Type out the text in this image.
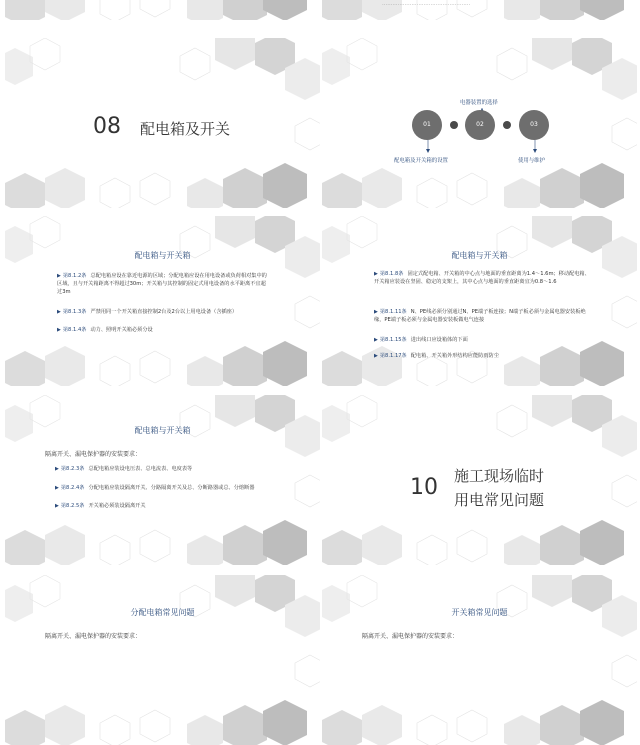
……………………………………………
08 配电箱及开关
电器装置的选择
01	02	03
配电箱及开关箱的设置	使用与维护
配电箱与开关箱
▶ 第8.1.2条 总配电箱应设在靠近电源的区域；分配电箱应设在用电设备或负荷相对集中的区域，且与开关箱距离不得超过30m；开关箱与其控制的固定式用电设备的水平距离不宜超过3m
▶ 第8.1.3条 严禁用同一个开关箱直接控制2台及2台以上用电设备（含插座）
▶ 第8.1.4条 动力、照明开关箱必须分设
配电箱与开关箱
▶ 第8.1.8条 固定式配电箱、开关箱的中心点与地面的垂直距离为1.4～1.6m；移动配电箱、开关箱应装设在坚固、稳定的支架上，其中心点与地面的垂直距离宜为0.8～1.6
▶ 第8.1.11条 N、PE线必须分别通过N、PE端子板连接；N端子板必须与金属电器安装板绝缘，PE端子板必须与金属电器安装板做电气连接
▶ 第8.1.15条 进出线口应设箱体的下面
▶ 第8.1.17条 配电箱、开关箱外形结构应能防雨防尘
配电箱与开关箱
隔离开关、漏电保护器的安装要求：
▶ 第8.2.3条 总配电箱应装设电压表、总电流表、电度表等
▶ 第8.2.4条 分配电箱应装设隔离开关、分路隔离开关及总、分断路器或总、分熔断器
▶ 第8.2.5条 开关箱必须装设隔离开关
10 施工现场临时
用电常见问题
分配电箱常见问题
隔离开关、漏电保护器的安装要求：
开关箱常见问题
隔离开关、漏电保护器的安装要求：
